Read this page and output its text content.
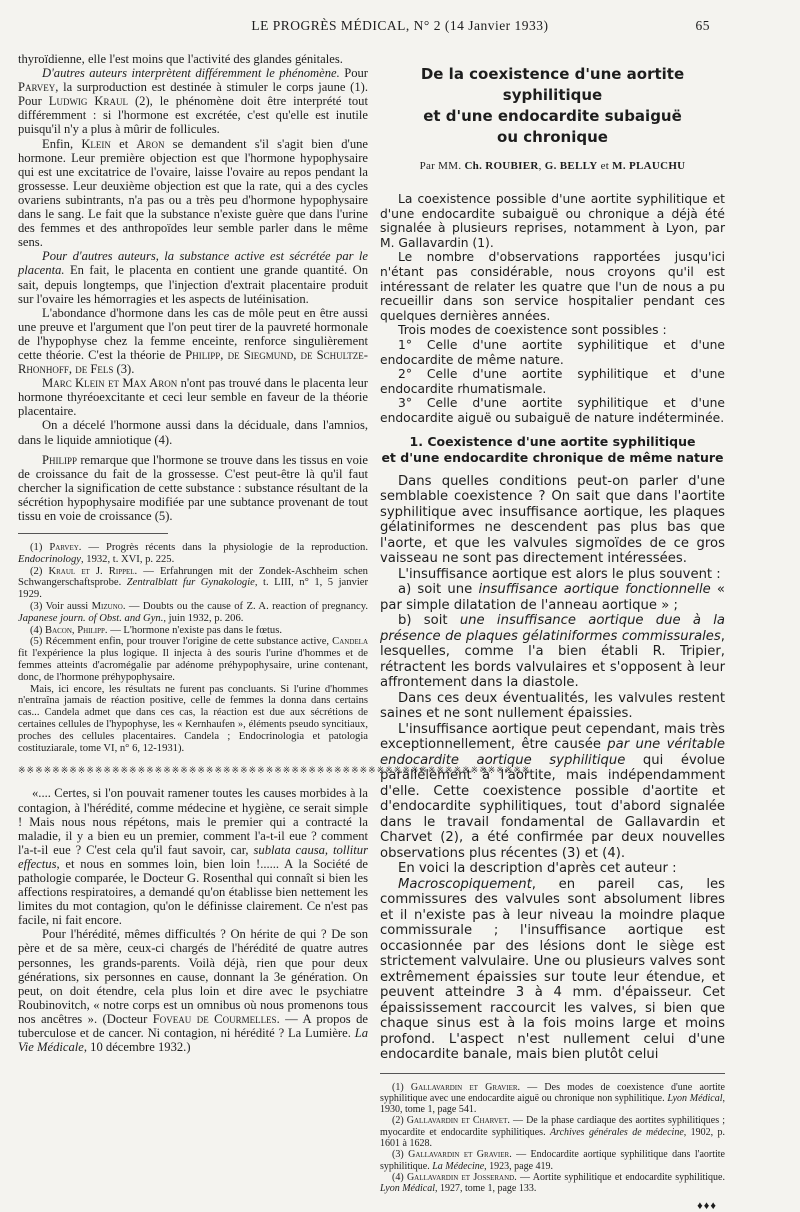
LE PROGRÈS MÉDICAL, N° 2 (14 Janvier 1933)	65

thyroïdienne, elle l'est moins que l'activité des glandes génitales.

D'autres auteurs interprètent différemment le phénomène. Pour Parvey, la surproduction est destinée à stimuler le corps jaune (1). Pour Ludwig Kraul (2), le phénomène doit être interprété tout différemment : si l'hormone est excrétée, c'est qu'elle est inutile puisqu'il n'y a plus à mûrir de follicules.

Enfin, Klein et Aron se demandent s'il s'agit bien d'une hormone. Leur première objection est que l'hormone hypophysaire qui est une excitatrice de l'ovaire, laisse l'ovaire au repos pendant la grossesse. Leur deuxième objection est que la rate, qui a des cycles ovariens subintrants, n'a pas ou a très peu d'hormone hypophysaire dans le sang. Le fait que la substance n'existe guère que dans l'urine des femmes et des anthropoïdes leur semble parler dans le même sens.

Pour d'autres auteurs, la substance active est sécrétée par le placenta. En fait, le placenta en contient une grande quantité. On sait, depuis longtemps, que l'injection d'extrait placentaire produit sur l'ovaire les hémorragies et les aspects de lutéinisation.

L'abondance d'hormone dans les cas de môle peut en être aussi une preuve et l'argument que l'on peut tirer de la pauvreté hormonale de l'hypophyse chez la femme enceinte, renforce singulièrement cette théorie. C'est la théorie de Philipp, de Siegmund, de Schultze-Rhonhoff, de Fels (3).

Marc Klein et Max Aron n'ont pas trouvé dans le placenta leur hormone thyréoexcitante et ceci leur semble en faveur de la théorie placentaire.

On a décelé l'hormone aussi dans la déciduale, dans l'amnios, dans le liquide amniotique (4).

Philipp remarque que l'hormone se trouve dans les tissus en voie de croissance du fait de la grossesse. C'est peut-être là qu'il faut chercher la signification de cette substance : substance résultant de la sécrétion hypophysaire modifiée par une subtance provenant de tout tissu en voie de croissance (5).

(1) Parvey. — Progrès récents dans la physiologie de la reproduction. Endocrinology, 1932, t. XVI, p. 225.

(2) Kraul et J. Rippel. — Erfahrungen mit der Zondek-Aschheim schen Schwangerschaftsprobe. Zentralblatt fur Gynakologie, t. LIII, n° 1, 5 janvier 1929.

(3) Voir aussi Mizuno. — Doubts ou the cause of Z. A. reaction of pregnancy. Japanese journ. of Obst. and Gyn., juin 1932, p. 206.

(4) Bacon, Philipp. — L'hormone n'existe pas dans le fœtus.

(5) Récemment enfin, pour trouver l'origine de cette substance active, Candela fit l'expérience la plus logique. Il injecta à des souris l'urine d'hommes et de femmes atteints d'acromégalie par adénome préhypophysaire, urine contenant, donc, de l'hormone préhypophysaire.

Mais, ici encore, les résultats ne furent pas concluants. Si l'urine d'hommes n'entraîna jamais de réaction positive, celle de femmes la donna dans certains cas... Candela admet que dans ces cas, la réaction est due aux sécrétions de certaines cellules de l'hypophyse, les « Kernhaufen », éléments pseudo syncitiaux, proches des cellules placentaires. Candela ; Endocrinologia et patologia costituziarale, tome VI, n° 6, 12-1931).

※※※※※※※※※※※※※※※※※※※※※※※※※※※※※※※※※※※※※※※※※※※※※※※※※※※※※※※※※※※※

«.... Certes, si l'on pouvait ramener toutes les causes morbides à la contagion, à l'hérédité, comme médecine et hygiène, ce serait simple ! Mais nous nous répétons, mais le premier qui a contracté la maladie, il y a bien eu un premier, comment l'a-t-il eue ? comment l'a-t-il eue ? C'est cela qu'il faut savoir, car, sublata causa, tollitur effectus, et nous en sommes loin, bien loin !...... A la Société de pathologie comparée, le Docteur G. Rosenthal qui connaît si bien les affections respiratoires, a demandé qu'on établisse bien nettement les limites du mot contagion, qu'on le définisse clairement. Ce n'est pas facile, ni fait encore.
Pour l'hérédité, mêmes difficultés ? On hérite de qui ? De son père et de sa mère, ceux-ci chargés de l'hérédité de quatre autres personnes, les grands-parents. Voilà déjà, rien que pour deux générations, six personnes en cause, donnant la 3e génération. On peut, on doit étendre, cela plus loin et dire avec le psychiatre Roubinovitch, « notre corps est un omnibus où nous promenons tous nos ancêtres ». (Docteur Foveau de Courmelles. — A propos de tuberculose et de cancer. Ni contagion, ni hérédité ? La Lumière. La Vie Médicale, 10 décembre 1932.)

De la coexistence d'une aortite syphilitique
et d'une endocardite subaiguë
ou chronique
Par MM. Ch. ROUBIER, G. BELLY et M. PLAUCHU

La coexistence possible d'une aortite syphilitique et d'une endocardite subaiguë ou chronique a déjà été signalée à plusieurs reprises, notamment à Lyon, par M. Gallavardin (1).

Le nombre d'observations rapportées jusqu'ici n'étant pas considérable, nous croyons qu'il est intéressant de relater les quatre que l'un de nous a pu recueillir dans son service hospitalier pendant ces quelques dernières années.

Trois modes de coexistence sont possibles :

1° Celle d'une aortite syphilitique et d'une endocardite de même nature.

2° Celle d'une aortite syphilitique et d'une endocardite rhumatismale.

3° Celle d'une aortite syphilitique et d'une endocardite aiguë ou subaiguë de nature indéterminée.

1. Coexistence d'une aortite syphilitique
et d'une endocardite chronique de même nature

Dans quelles conditions peut-on parler d'une semblable coexistence ? On sait que dans l'aortite syphilitique avec insuffisance aortique, les plaques gélatiniformes ne descendent pas plus bas que l'aorte, et que les valvules sigmoïdes de ce gros vaisseau ne sont pas directement intéressées.

L'insuffisance aortique est alors le plus souvent :

a) soit une insuffisance aortique fonctionnelle « par simple dilatation de l'anneau aortique » ;

b) soit une insuffisance aortique due à la présence de plaques gélatiniformes commissurales, lesquelles, comme l'a bien établi R. Tripier, rétractent les bords valvulaires et s'opposent à leur affrontement dans la diastole.

Dans ces deux éventualités, les valvules restent saines et ne sont nullement épaissies.

L'insuffisance aortique peut cependant, mais très exceptionnellement, être causée par une véritable endocardite aortique syphilitique qui évolue parallèlement à l'aortite, mais indépendamment d'elle. Cette coexistence possible d'aortite et d'endocardite syphilitiques, tout d'abord signalée dans le travail fondamental de Gallavardin et Charvet (2), a été confirmée par deux nouvelles observations plus récentes (3) et (4).

En voici la description d'après cet auteur :

Macroscopiquement, en pareil cas, les commissures des valvules sont absolument libres et il n'existe pas à leur niveau la moindre plaque commissurale ; l'insuffisance aortique est occasionnée par des lésions dont le siège est strictement valvulaire. Une ou plusieurs valves sont extrêmement épaissies sur toute leur étendue, et peuvent atteindre 3 à 4 mm. d'épaisseur. Cet épaississement raccourcit les valves, si bien que chaque sinus est à la fois moins large et moins profond. L'aspect n'est nullement celui d'une endocardite banale, mais bien plutôt celui

(1) Gallavardin et Gravier. — Des modes de coexistence d'une aortite syphilitique avec une endocardite aiguë ou chronique non syphilitique. Lyon Médical, 1930, tome 1, page 541.

(2) Gallavardin et Charvet. — De la phase cardiaque des aortites syphilitiques ; myocardite et endocardite syphilitiques. Archives générales de médecine, 1902, p. 1601 à 1628.

(3) Gallavardin et Gravier. — Endocardite aortique syphilitique dans l'aortite syphilitique. La Médecine, 1923, page 419.

(4) Gallavardin et Josserand. — Aortite syphilitique et endocardite syphilitique. Lyon Médical, 1927, tome 1, page 133.

♦♦♦
